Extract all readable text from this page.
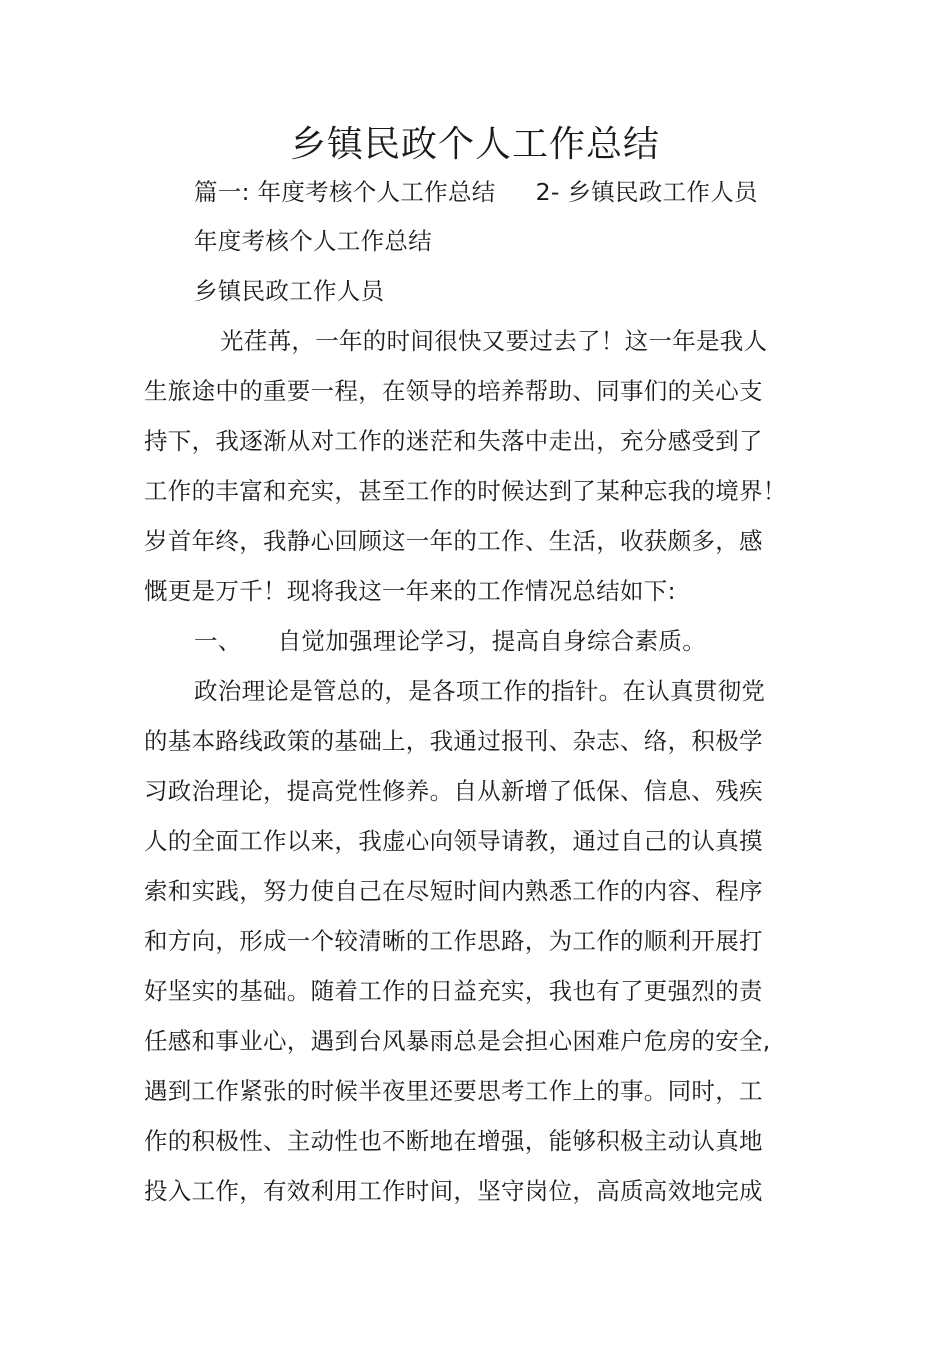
乡镇民政个人工作总结
篇一: 年度考核个人工作总结 2- 乡镇民政工作人员
年度考核个人工作总结
乡镇民政工作人员
光荏苒，一年的时间很快又要过去了！这一年是我人
生旅途中的重要一程，在领导的培养帮助、同事们的关心支
持下，我逐渐从对工作的迷茫和失落中走出，充分感受到了
工作的丰富和充实，甚至工作的时候达到了某种忘我的境界！
岁首年终，我静心回顾这一年的工作、生活，收获颇多，感
慨更是万千！现将我这一年来的工作情况总结如下:
一、 自觉加强理论学习，提高自身综合素质。
政治理论是管总的，是各项工作的指针。在认真贯彻党
的基本路线政策的基础上，我通过报刊、杂志、络，积极学
习政治理论，提高党性修养。自从新增了低保、信息、残疾
人的全面工作以来，我虚心向领导请教，通过自己的认真摸
索和实践，努力使自己在尽短时间内熟悉工作的内容、程序
和方向，形成一个较清晰的工作思路，为工作的顺利开展打
好坚实的基础。随着工作的日益充实，我也有了更强烈的责
任感和事业心，遇到台风暴雨总是会担心困难户危房的安全,
遇到工作紧张的时候半夜里还要思考工作上的事。同时，工
作的积极性、主动性也不断地在增强，能够积极主动认真地
投入工作，有效利用工作时间，坚守岗位，高质高效地完成
